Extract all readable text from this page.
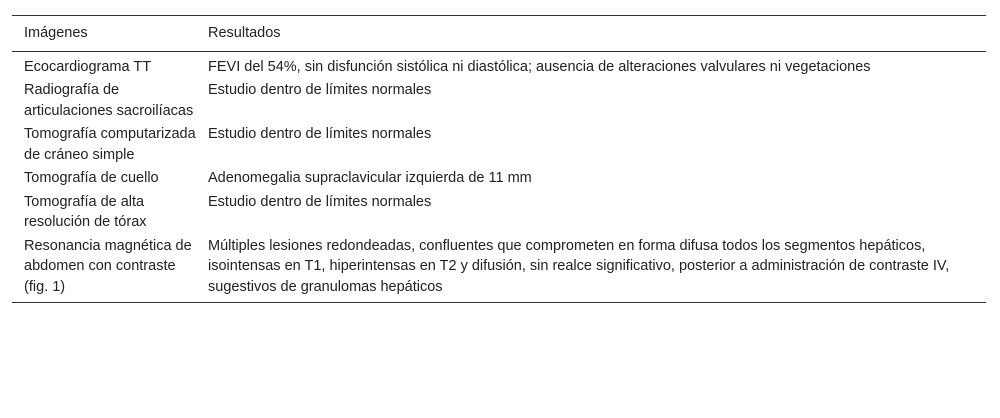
Imágenes	Resultados
Ecocardiograma TT	FEVI del 54%, sin disfunción sistólica ni diastólica; ausencia de alteraciones valvulares ni vegetaciones
Radiografía de articulaciones sacroilíacas	Estudio dentro de límites normales
Tomografía computarizada de cráneo simple	Estudio dentro de límites normales
Tomografía de cuello	Adenomegalia supraclavicular izquierda de 11 mm
Tomografía de alta resolución de tórax	Estudio dentro de límites normales
Resonancia magnética de abdomen con contraste (fig. 1)	Múltiples lesiones redondeadas, confluentes que comprometen en forma difusa todos los segmentos hepáticos, isointensas en T1, hiperintensas en T2 y difusión, sin realce significativo, posterior a administración de contraste IV, sugestivos de granulomas hepáticos
